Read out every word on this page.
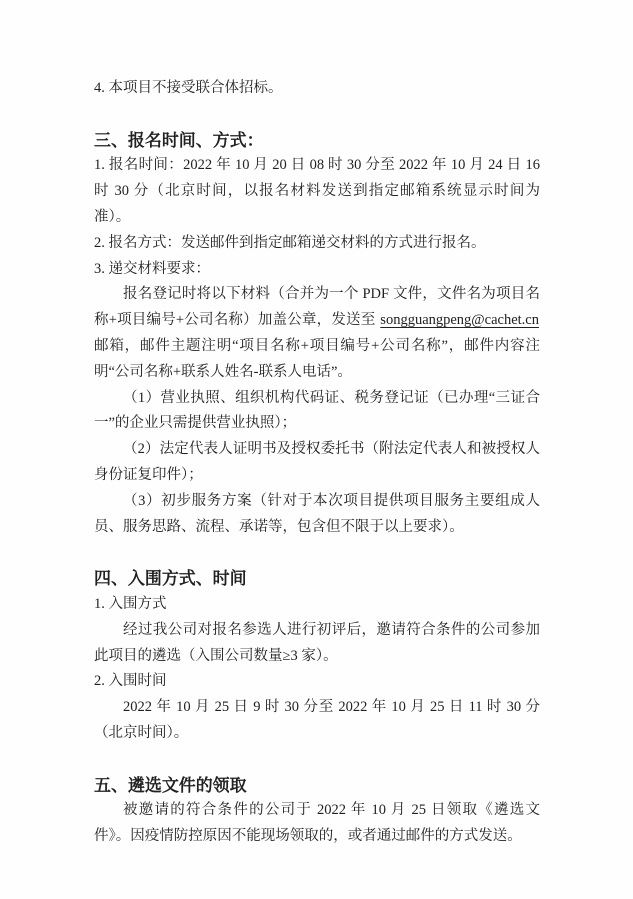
4. 本项目不接受联合体招标。

三、报名时间、方式：

1. 报名时间：2022 年 10 月 20 日 08 时 30 分至 2022 年 10 月 24 日 16 时 30 分（北京时间，以报名材料发送到指定邮箱系统显示时间为准）。

2. 报名方式：发送邮件到指定邮箱递交材料的方式进行报名。

3. 递交材料要求：

报名登记时将以下材料（合并为一个 PDF 文件，文件名为项目名称+项目编号+公司名称）加盖公章，发送至 songguangpeng@cachet.cn 邮箱，邮件主题注明“项目名称+项目编号+公司名称”，邮件内容注明“公司名称+联系人姓名-联系人电话”。

（1）营业执照、组织机构代码证、税务登记证（已办理“三证合一”的企业只需提供营业执照）；

（2）法定代表人证明书及授权委托书（附法定代表人和被授权人身份证复印件）；

（3）初步服务方案（针对于本次项目提供项目服务主要组成人员、服务思路、流程、承诺等，包含但不限于以上要求）。

四、入围方式、时间

1. 入围方式

经过我公司对报名参选人进行初评后，邀请符合条件的公司参加此项目的遴选（入围公司数量≥3 家）。

2. 入围时间

2022 年 10 月 25 日 9 时 30 分至 2022 年 10 月 25 日 11 时 30 分（北京时间）。

五、遴选文件的领取

被邀请的符合条件的公司于 2022 年 10 月 25 日领取《遴选文件》。因疫情防控原因不能现场领取的，或者通过邮件的方式发送。
